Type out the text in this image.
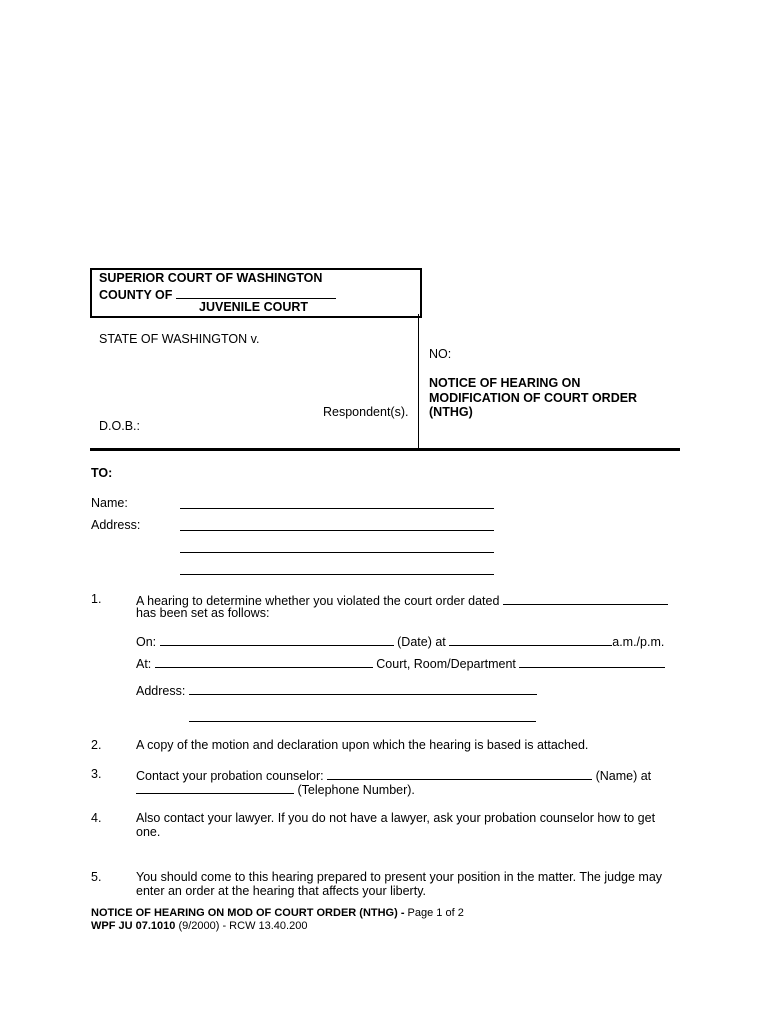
SUPERIOR COURT OF WASHINGTON
COUNTY OF
JUVENILE COURT
STATE OF WASHINGTON v.
Respondent(s).
D.O.B.:
NO:
NOTICE OF HEARING ON
MODIFICATION OF COURT ORDER
(NTHG)
TO:
Name:
Address:
1.	A hearing to determine whether you violated the court order dated
has been set as follows:
On:	(Date) at	a.m./p.m.
At:	Court, Room/Department
Address:
2.	A copy of the motion and declaration upon which the hearing is based is attached.
3.	Contact your probation counselor:	(Name) at
(Telephone Number).
4.	Also contact your lawyer. If you do not have a lawyer, ask your probation counselor how to get
one.
5.	You should come to this hearing prepared to present your position in the matter. The judge may
enter an order at the hearing that affects your liberty.
NOTICE OF HEARING ON MOD OF COURT ORDER (NTHG) - Page 1 of 2
WPF JU 07.1010 (9/2000) - RCW 13.40.200
